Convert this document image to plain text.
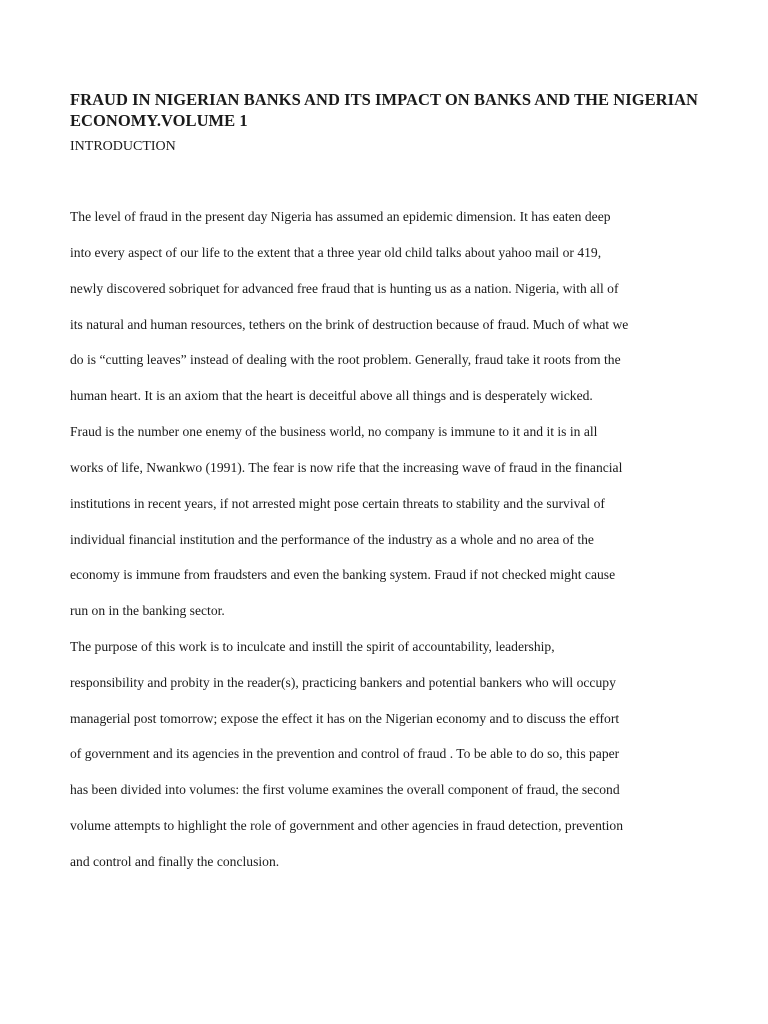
FRAUD IN NIGERIAN BANKS AND ITS IMPACT ON BANKS AND THE NIGERIAN ECONOMY.VOLUME 1
INTRODUCTION
The level of fraud in the present day Nigeria has assumed an epidemic dimension. It has eaten deep
into every aspect of our life to the extent that a three year old child talks about yahoo mail or 419,
newly discovered sobriquet for advanced free fraud that is hunting us as a nation. Nigeria, with all of
its natural and human resources, tethers on the brink of destruction because of fraud. Much of what we
do is “cutting leaves” instead of dealing with the root problem. Generally, fraud take it roots from the
human heart. It is an axiom that the heart is deceitful above all things and is desperately wicked.
Fraud is the number one enemy of the business world, no company is immune to it and it is in all
works of life, Nwankwo (1991). The fear is now rife that the increasing wave of fraud in the financial
institutions in recent years, if not arrested might pose certain threats to stability and the survival of
individual financial institution and the performance of the industry as a whole and no area of the
economy is immune from fraudsters and even the banking system. Fraud if not checked might cause
run on in the banking sector.
The purpose of this work is to inculcate and instill the spirit of accountability, leadership,
responsibility and probity in the reader(s), practicing bankers and potential bankers who will occupy
managerial post tomorrow; expose the effect it has on the Nigerian economy and to discuss the effort
of government and its agencies in the prevention and control of fraud . To be able to do so, this paper
has been divided into volumes: the first volume examines the overall component of fraud, the second
volume attempts to highlight the role of government and other agencies in fraud detection, prevention
and control and finally the conclusion.
